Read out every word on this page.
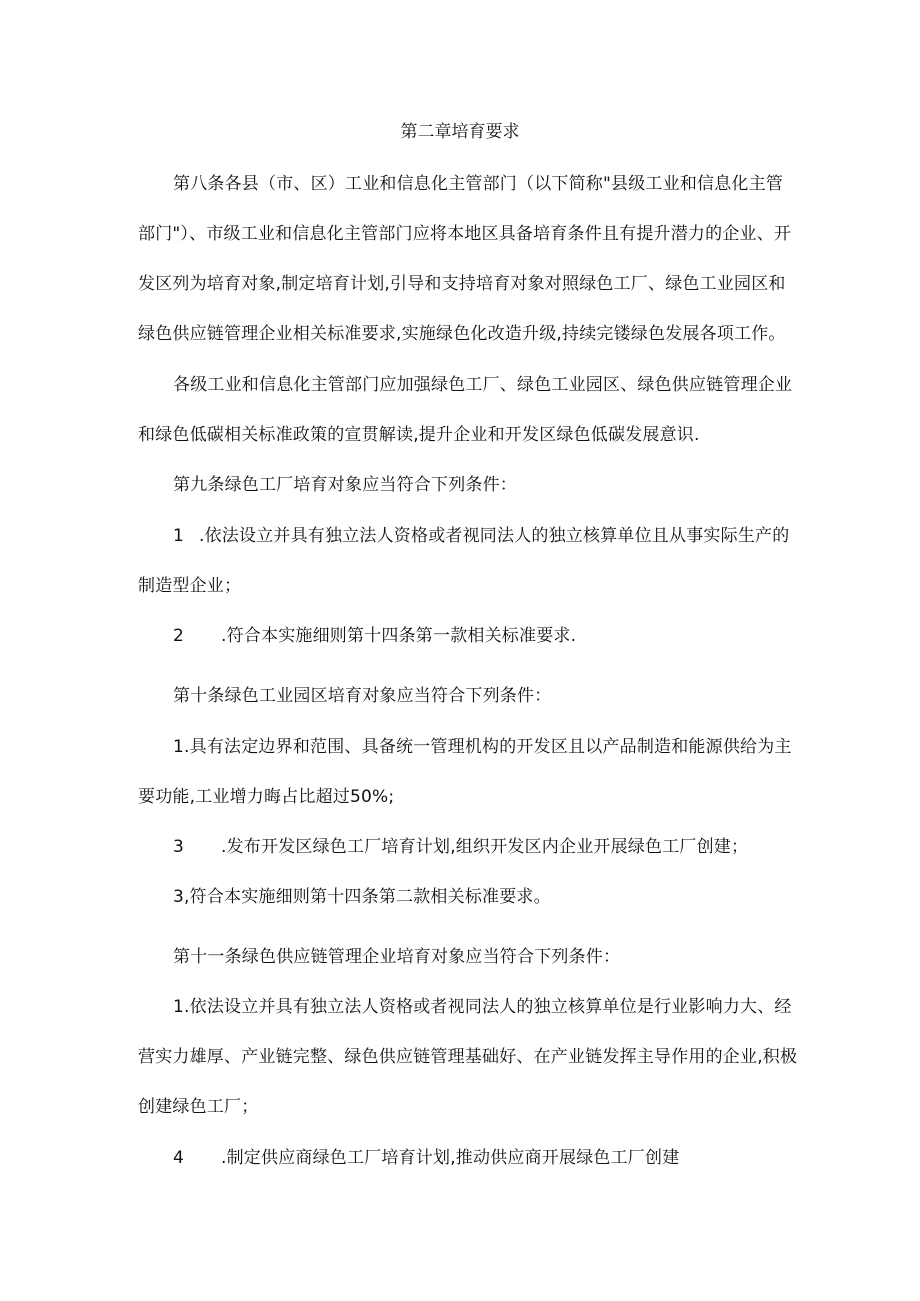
第二章培育要求
第八条各县（市、区）工业和信息化主管部门（以下简称"县级工业和信息化主管
部门"）、市级工业和信息化主管部门应将本地区具备培育条件且有提升潜力的企业、开
发区列为培育对象,制定培育计划,引导和支持培育对象对照绿色工厂、绿色工业园区和
绿色供应链管理企业相关标准要求,实施绿色化改造升级,持续完镂绿色发展各项工作。
各级工业和信息化主管部门应加强绿色工厂、绿色工业园区、绿色供应链管理企业
和绿色低碳相关标准政策的宣贯解读,提升企业和开发区绿色低碳发展意识.
第九条绿色工厂培育对象应当符合下列条件：
1 .依法设立并具有独立法人资格或者视同法人的独立核算单位且从事实际生产的
制造型企业；
2 .符合本实施细则第十四条第一款相关标准要求.
第十条绿色工业园区培育对象应当符合下列条件：
1.具有法定边界和范围、具备统一管理机构的开发区且以产品制造和能源供给为主
要功能,工业增力晦占比超过50%;
3 .发布开发区绿色工厂培育计划,组织开发区内企业开展绿色工厂创建；
3,符合本实施细则第十四条第二款相关标准要求。
第十一条绿色供应链管理企业培育对象应当符合下列条件：
1.依法设立并具有独立法人资格或者视同法人的独立核算单位是行业影响力大、经
营实力雄厚、产业链完整、绿色供应链管理基础好、在产业链发挥主导作用的企业,积极
创建绿色工厂；
4 .制定供应商绿色工厂培育计划,推动供应商开展绿色工厂创建
